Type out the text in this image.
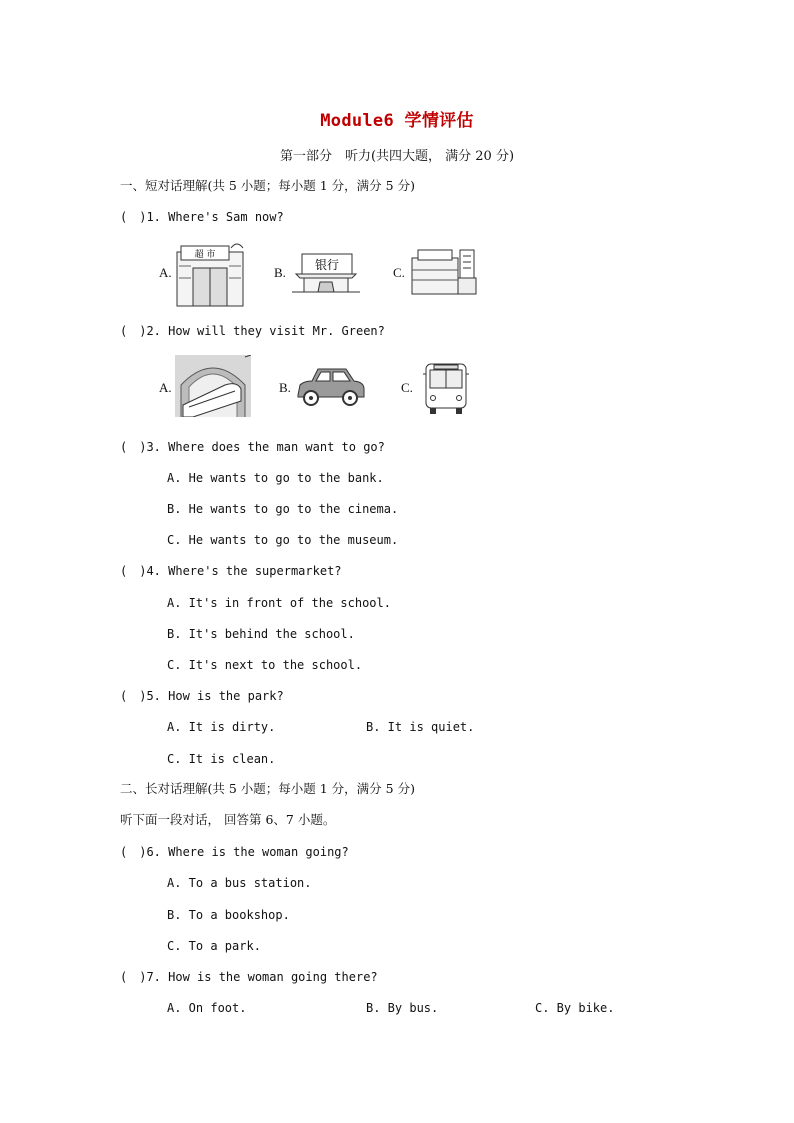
Module6 学情评估
第一部分　听力(共四大题， 满分 20 分)
一、短对话理解(共 5 小题；每小题 1 分，满分 5 分)
(　)1. Where's Sam now?
A.
超 市
B. 银行	C.
(　)2. How will they visit Mr. Green?
A.	B.	C.
(　)3. Where does the man want to go?
A. He wants to go to the bank.
B. He wants to go to the cinema.
C. He wants to go to the museum.
(　)4. Where's the supermarket?
A. It's in front of the school.
B. It's behind the school.
C. It's next to the school.
(　)5. How is the park?
A. It is dirty.	B. It is quiet.
C. It is clean.
二、长对话理解(共 5 小题；每小题 1 分，满分 5 分)
听下面一段对话， 回答第 6、7 小题。
(　)6. Where is the woman going?
A. To a bus station.
B. To a bookshop.
C. To a park.
(　)7. How is the woman going there?
A. On foot.	B. By bus.	C. By bike.
